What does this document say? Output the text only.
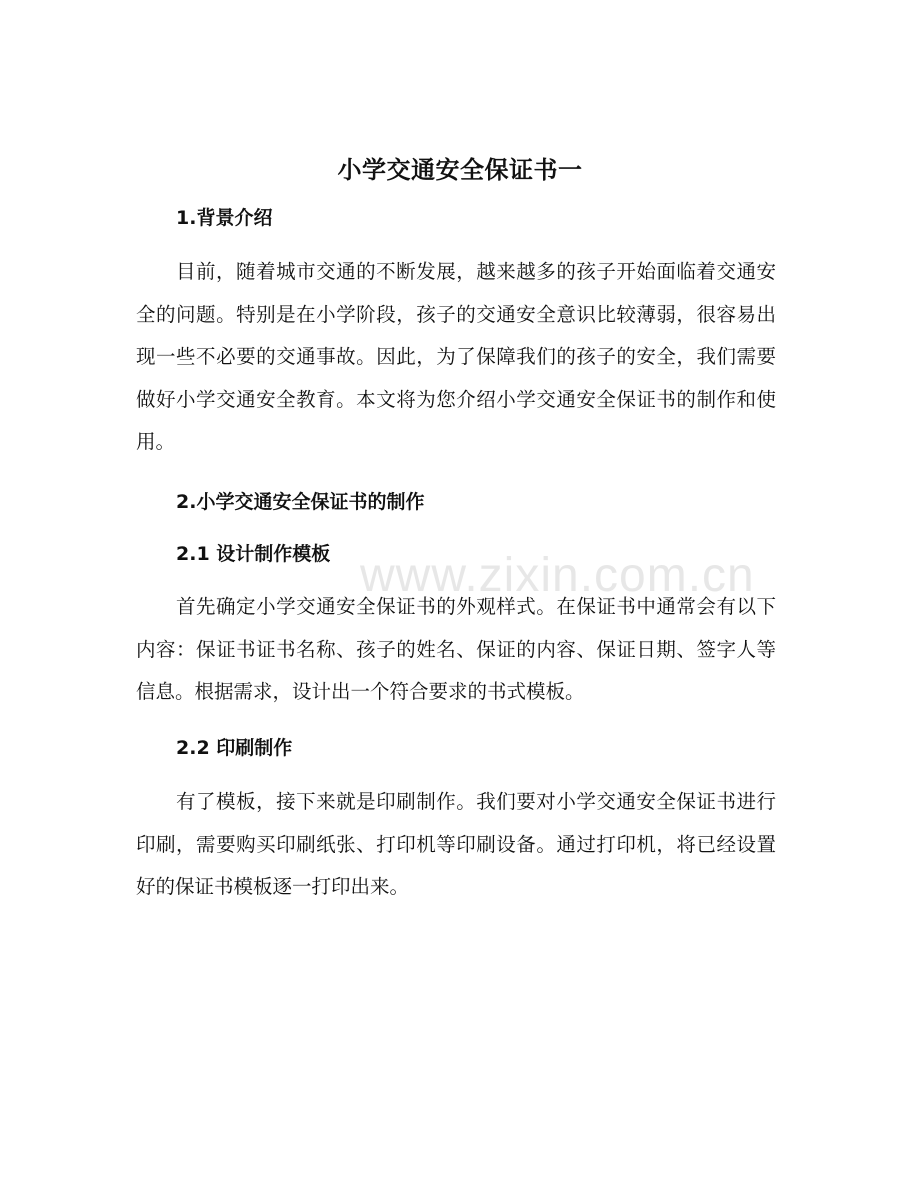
小学交通安全保证书一
1.背景介绍
目前，随着城市交通的不断发展，越来越多的孩子开始面临着交通安全的问题。特别是在小学阶段，孩子的交通安全意识比较薄弱，很容易出现一些不必要的交通事故。因此，为了保障我们的孩子的安全，我们需要做好小学交通安全教育。本文将为您介绍小学交通安全保证书的制作和使用。
2.小学交通安全保证书的制作
2.1 设计制作模板
首先确定小学交通安全保证书的外观样式。在保证书中通常会有以下内容：保证书证书名称、孩子的姓名、保证的内容、保证日期、签字人等信息。根据需求，设计出一个符合要求的书式模板。
2.2 印刷制作
有了模板，接下来就是印刷制作。我们要对小学交通安全保证书进行印刷，需要购买印刷纸张、打印机等印刷设备。通过打印机，将已经设置好的保证书模板逐一打印出来。
www.zixin.com.cn
